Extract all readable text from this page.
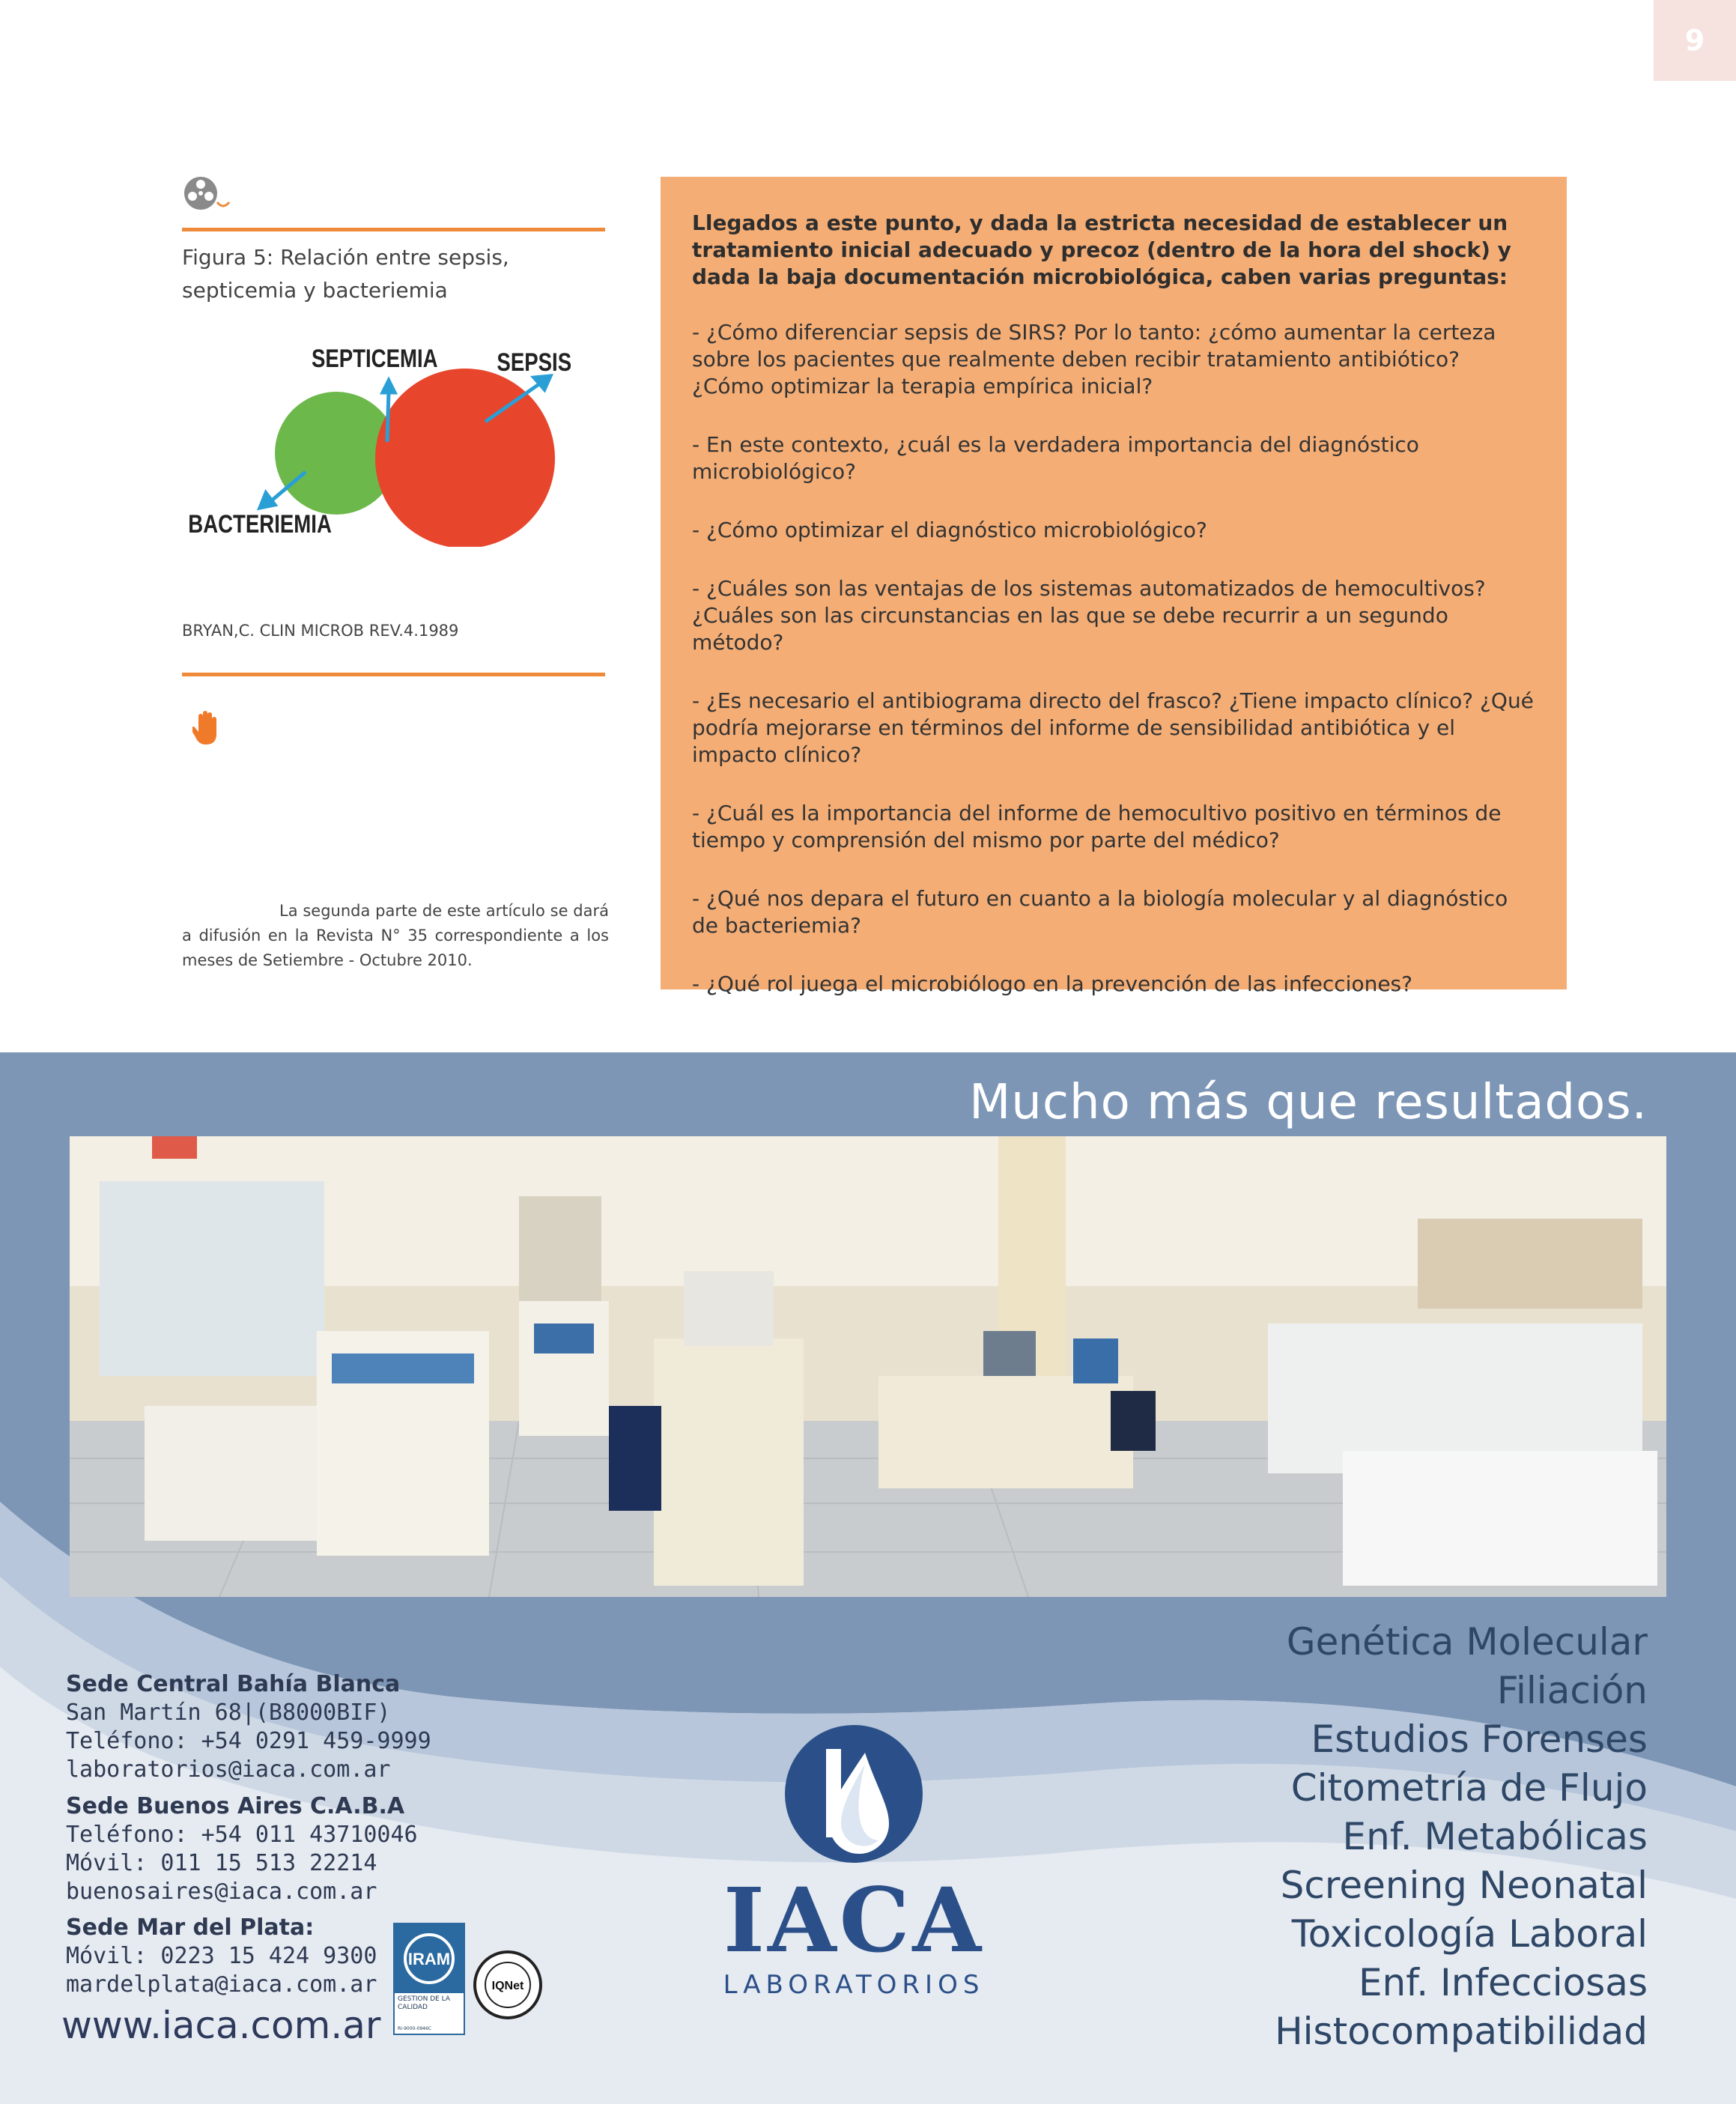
9
Figura 5: Relación entre sepsis, septicemia y bacteriemia
SEPTICEMIA	SEPSIS
BACTERIEMIA
BRYAN,C. CLIN MICROB REV.4.1989
La segunda parte de este artículo se dará a difusión en la Revista N° 35 correspondiente a los meses de Setiembre - Octubre 2010.

Llegados a este punto, y dada la estricta necesidad de establecer un tratamiento inicial adecuado y precoz (dentro de la hora del shock) y dada la baja documentación microbiológica, caben varias preguntas:

- ¿Cómo diferenciar sepsis de SIRS? Por lo tanto: ¿cómo aumentar la certeza sobre los pacientes que realmente deben recibir tratamiento antibiótico? ¿Cómo optimizar la terapia empírica inicial?

- En este contexto, ¿cuál es la verdadera importancia del diagnóstico microbiológico?

- ¿Cómo optimizar el diagnóstico microbiológico?

- ¿Cuáles son las ventajas de los sistemas automatizados de hemocultivos? ¿Cuáles son las circunstancias en las que se debe recurrir a un segundo método?

- ¿Es necesario el antibiograma directo del frasco? ¿Tiene impacto clínico? ¿Qué podría mejorarse en términos del informe de sensibilidad antibiótica y el impacto clínico?

- ¿Cuál es la importancia del informe de hemocultivo positivo en términos de tiempo y comprensión del mismo por parte del médico?

- ¿Qué nos depara el futuro en cuanto a la biología molecular y al diagnóstico de bacteriemia?

- ¿Qué rol juega el microbiólogo en la prevención de las infecciones?

Mucho más que resultados.
Sede Central Bahía Blanca
San Martín 68|(B8000BIF)
Teléfono: +54 0291 459-9999
laboratorios@iaca.com.ar
Sede Buenos Aires C.A.B.A
Teléfono: +54 011 43710046
Móvil: 011 15 513 22214
buenosaires@iaca.com.ar
Sede Mar del Plata:
Móvil: 0223 15 424 9300
mardelplata@iaca.com.ar
www.iaca.com.ar
IRAM
GESTION DE LA CALIDAD
RI-9000-0946C
IQNet
IACA
LABORATORIOS
Genética Molecular
Filiación
Estudios Forenses
Citometría de Flujo
Enf. Metabólicas
Screening Neonatal
Toxicología Laboral
Enf. Infecciosas
Histocompatibilidad
